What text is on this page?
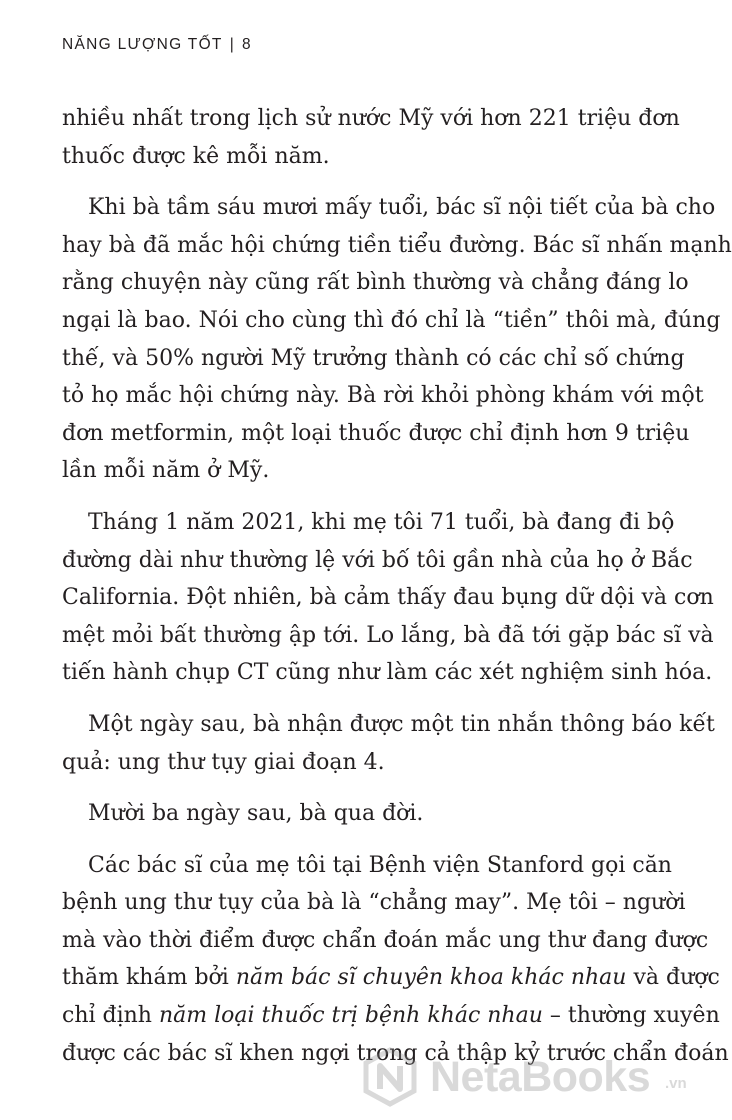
NĂNG LƯỢNG TỐT | 8
nhiều nhất trong lịch sử nước Mỹ với hơn 221 triệu đơn
thuốc được kê mỗi năm.
Khi bà tầm sáu mươi mấy tuổi, bác sĩ nội tiết của bà cho
hay bà đã mắc hội chứng tiền tiểu đường. Bác sĩ nhấn mạnh
rằng chuyện này cũng rất bình thường và chẳng đáng lo
ngại là bao. Nói cho cùng thì đó chỉ là “tiền” thôi mà, đúng
thế, và 50% người Mỹ trưởng thành có các chỉ số chứng
tỏ họ mắc hội chứng này. Bà rời khỏi phòng khám với một
đơn metformin, một loại thuốc được chỉ định hơn 9 triệu
lần mỗi năm ở Mỹ.
Tháng 1 năm 2021, khi mẹ tôi 71 tuổi, bà đang đi bộ
đường dài như thường lệ với bố tôi gần nhà của họ ở Bắc
California. Đột nhiên, bà cảm thấy đau bụng dữ dội và cơn
mệt mỏi bất thường ập tới. Lo lắng, bà đã tới gặp bác sĩ và
tiến hành chụp CT cũng như làm các xét nghiệm sinh hóa.
Một ngày sau, bà nhận được một tin nhắn thông báo kết
quả: ung thư tụy giai đoạn 4.
Mười ba ngày sau, bà qua đời.
Các bác sĩ của mẹ tôi tại Bệnh viện Stanford gọi căn
bệnh ung thư tụy của bà là “chẳng may”. Mẹ tôi – người
mà vào thời điểm được chẩn đoán mắc ung thư đang được
thăm khám bởi năm bác sĩ chuyên khoa khác nhau và được
chỉ định năm loại thuốc trị bệnh khác nhau – thường xuyên
được các bác sĩ khen ngợi trong cả thập kỷ trước chẩn đoán
NetaBooks .vn
